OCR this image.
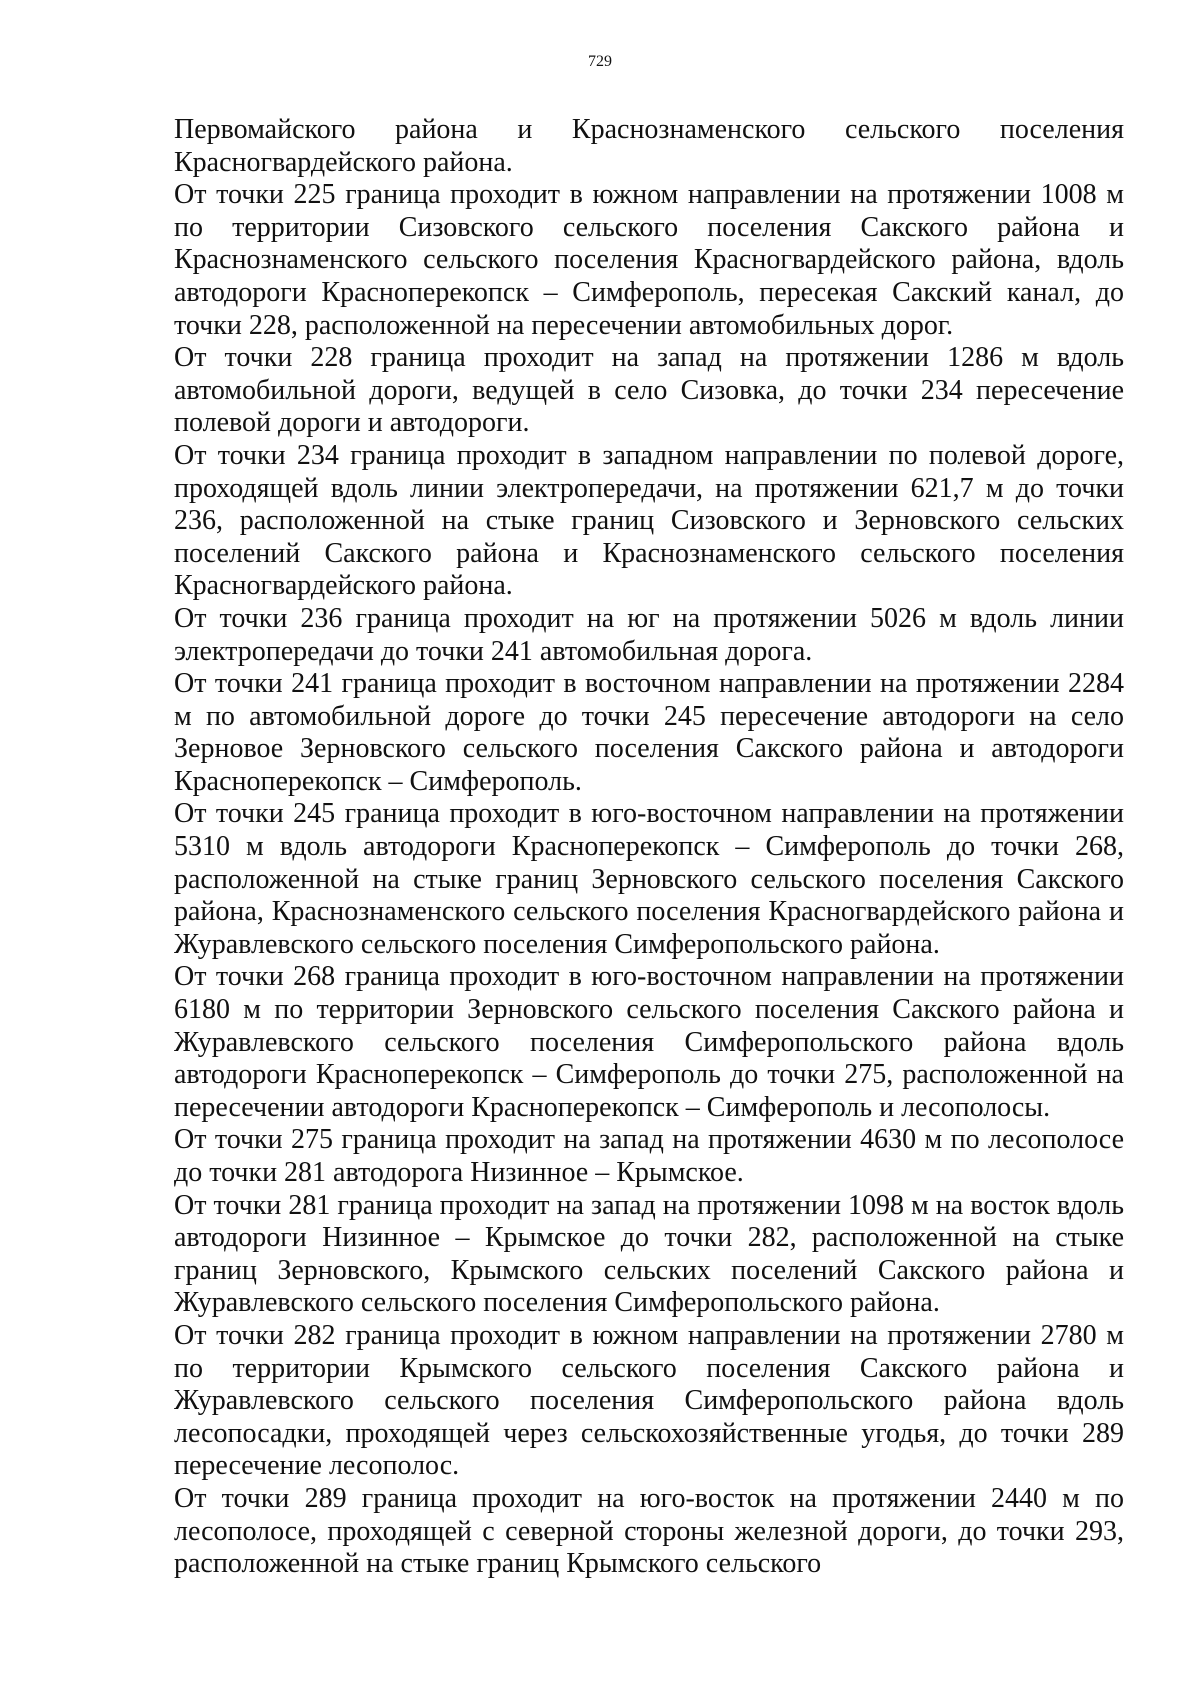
729

Первомайского района и Краснознаменского сельского поселения Красногвардейского района.

От точки 225 граница проходит в южном направлении на протяжении 1008 м по территории Сизовского сельского поселения Сакского района и Краснознаменского сельского поселения Красногвардейского района, вдоль автодороги Красноперекопск – Симферополь, пересекая Сакский канал, до точки 228, расположенной на пересечении автомобильных дорог.

От точки 228 граница проходит на запад на протяжении 1286 м вдоль автомобильной дороги, ведущей в село Сизовка, до точки 234 пересечение полевой дороги и автодороги.

От точки 234 граница проходит в западном направлении по полевой дороге, проходящей вдоль линии электропередачи, на протяжении 621,7 м до точки 236, расположенной на стыке границ Сизовского и Зерновского сельских поселений Сакского района и Краснознаменского сельского поселения Красногвардейского района.

От точки 236 граница проходит на юг на протяжении 5026 м вдоль линии электропередачи до точки 241 автомобильная дорога.

От точки 241 граница проходит в восточном направлении на протяжении 2284 м по автомобильной дороге до точки 245 пересечение автодороги на село Зерновое Зерновского сельского поселения Сакского района и автодороги Красноперекопск – Симферополь.

От точки 245 граница проходит в юго-восточном направлении на протяжении 5310 м вдоль автодороги Красноперекопск – Симферополь до точки 268, расположенной на стыке границ Зерновского сельского поселения Сакского района, Краснознаменского сельского поселения Красногвардейского района и Журавлевского сельского поселения Симферопольского района.

От точки 268 граница проходит в юго-восточном направлении на протяжении 6180 м по территории Зерновского сельского поселения Сакского района и Журавлевского сельского поселения Симферопольского района вдоль автодороги Красноперекопск – Симферополь до точки 275, расположенной на пересечении автодороги Красноперекопск – Симферополь и лесополосы.

От точки 275 граница проходит на запад на протяжении 4630 м по лесополосе до точки 281 автодорога Низинное – Крымское.

От точки 281 граница проходит на запад на протяжении 1098 м на восток вдоль автодороги Низинное – Крымское до точки 282, расположенной на стыке границ Зерновского, Крымского сельских поселений Сакского района и Журавлевского сельского поселения Симферопольского района.

От точки 282 граница проходит в южном направлении на протяжении 2780 м по территории Крымского сельского поселения Сакского района и Журавлевского сельского поселения Симферопольского района вдоль лесопосадки, проходящей через сельскохозяйственные угодья, до точки 289 пересечение лесополос.

От точки 289 граница проходит на юго-восток на протяжении 2440 м по лесополосе, проходящей с северной стороны железной дороги, до точки 293, расположенной на стыке границ Крымского сельского
